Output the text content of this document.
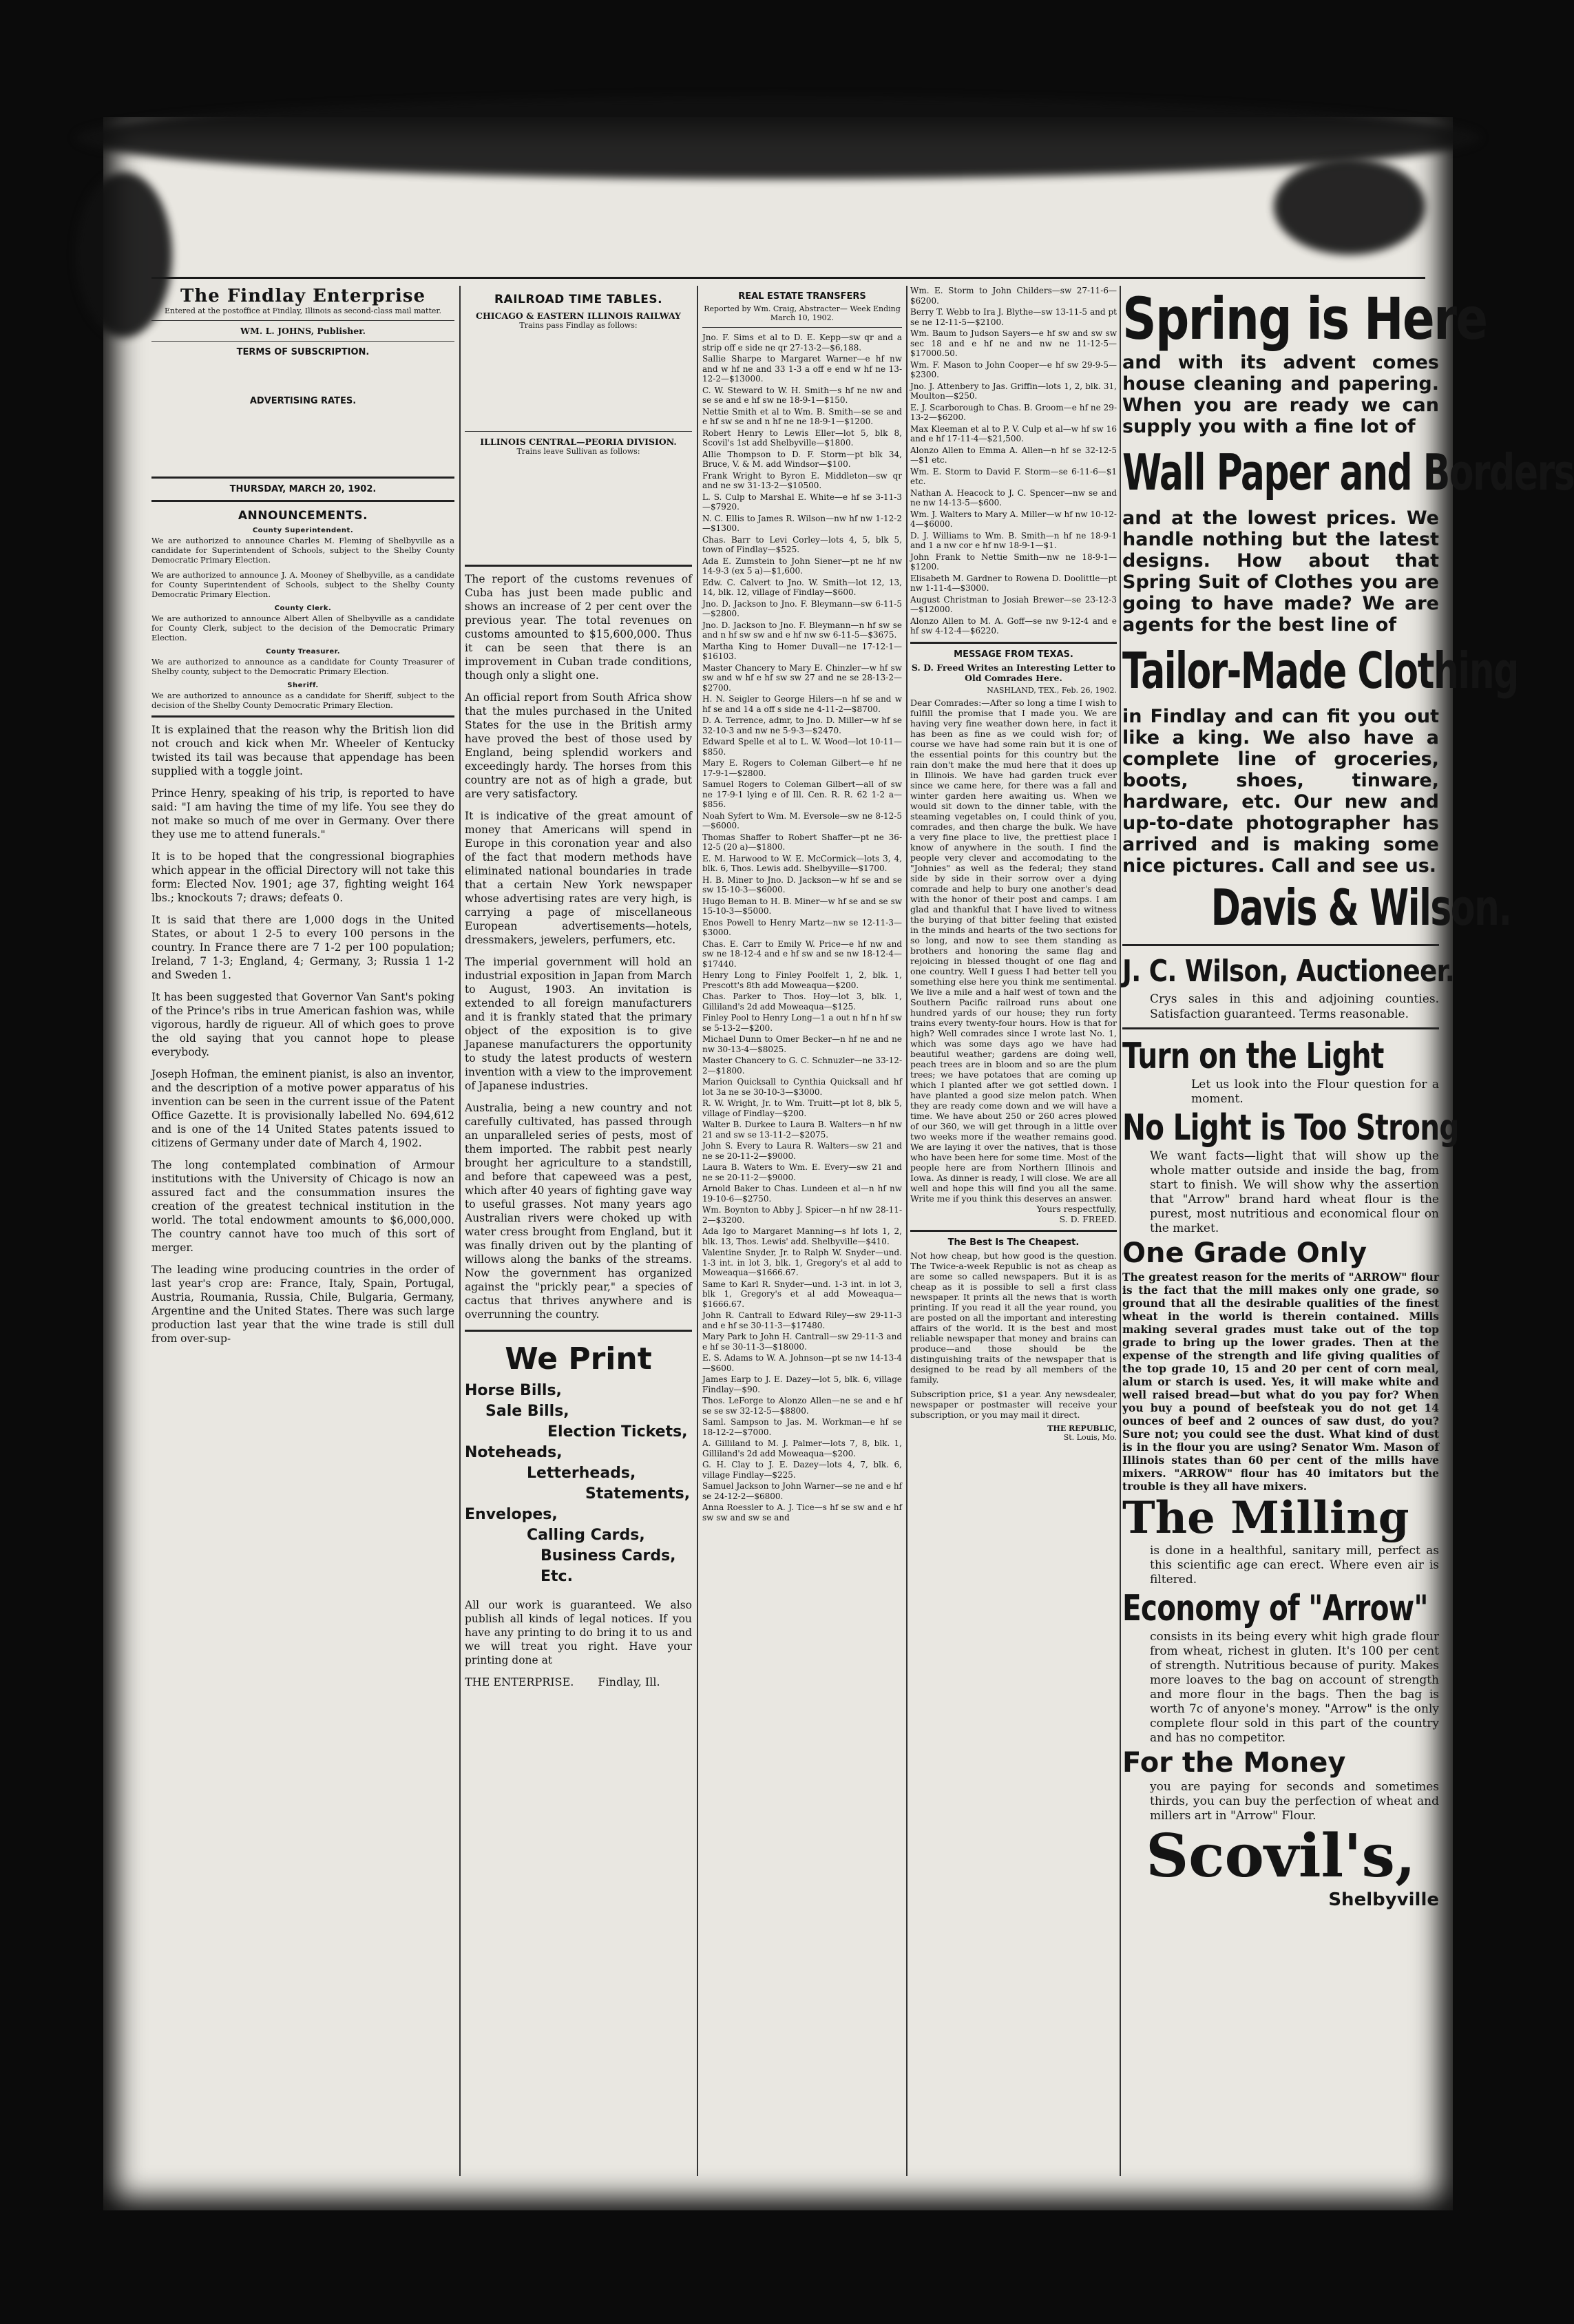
The Findlay Enterprise
Entered at the postoffice at Findlay, Illinois as second-class mail matter.
WM. L. JOHNS, Publisher.
TERMS OF SUBSCRIPTION.
ADVERTISING RATES.
THURSDAY, MARCH 20, 1902.
ANNOUNCEMENTS.
County Superintendent.
We are authorized to announce Charles M. Fleming of Shelbyville as a candidate for Superintendent of Schools, subject to the Shelby County Democratic Primary Election.
We are authorized to announce J. A. Mooney of Shelbyville, as a candidate for County Superintendent of Schools, subject to the Shelby County Democratic Primary Election.
County Clerk.
We are authorized to announce Albert Allen of Shelbyville as a candidate for County Clerk, subject to the decision of the Democratic Primary Election.
County Treasurer.
We are authorized to announce as a candidate for County Treasurer of Shelby county, subject to the Democratic Primary Election.
Sheriff.
We are authorized to announce as a candidate for Sheriff, subject to the decision of the Shelby County Democratic Primary Election.
It is explained that the reason why the British lion did not crouch and kick when Mr. Wheeler of Kentucky twisted its tail was because that appendage has been supplied with a toggle joint.
Prince Henry, speaking of his trip, is reported to have said: "I am having the time of my life. You see they do not make so much of me over in Germany. Over there they use me to attend funerals."
It is to be hoped that the congressional biographies which appear in the official Directory will not take this form: Elected Nov. 1901; age 37, fighting weight 164 lbs.; knockouts 7; draws; defeats 0.
It is said that there are 1,000 dogs in the United States, or about 1 2-5 to every 100 persons in the country. In France there are 7 1-2 per 100 population; Ireland, 7 1-3; England, 4; Germany, 3; Russia 1 1-2 and Sweden 1.
It has been suggested that Governor Van Sant's poking of the Prince's ribs in true American fashion was, while vigorous, hardly de rigueur. All of which goes to prove the old saying that you cannot hope to please everybody.
Joseph Hofman, the eminent pianist, is also an inventor, and the description of a motive power apparatus of his invention can be seen in the current issue of the Patent Office Gazette. It is provisionally labelled No. 694,612 and is one of the 14 United States patents issued to citizens of Germany under date of March 4, 1902.
The long contemplated combination of Armour institutions with the University of Chicago is now an assured fact and the consummation insures the creation of the greatest technical institution in the world. The total endowment amounts to $6,000,000. The country cannot have too much of this sort of merger.
The leading wine producing countries in the order of last year's crop are: France, Italy, Spain, Portugal, Austria, Roumania, Russia, Chile, Bulgaria, Germany, Argentine and the United States. There was such large production last year that the wine trade is still dull from over-sup-
RAILROAD TIME TABLES.
CHICAGO & EASTERN ILLINOIS RAILWAY
Trains pass Findlay as follows:
ILLINOIS CENTRAL—PEORIA DIVISION.
Trains leave Sullivan as follows:
The report of the customs revenues of Cuba has just been made public and shows an increase of 2 per cent over the previous year. The total revenues on customs amounted to $15,600,000. Thus it can be seen that there is an improvement in Cuban trade conditions, though only a slight one.
An official report from South Africa show that the mules purchased in the United States for the use in the British army have proved the best of those used by England, being splendid workers and exceedingly hardy. The horses from this country are not as of high a grade, but are very satisfactory.
It is indicative of the great amount of money that Americans will spend in Europe in this coronation year and also of the fact that modern methods have eliminated national boundaries in trade that a certain New York newspaper whose advertising rates are very high, is carrying a page of miscellaneous European advertisements—hotels, dressmakers, jewelers, perfumers, etc.
The imperial government will hold an industrial exposition in Japan from March to August, 1903. An invitation is extended to all foreign manufacturers and it is frankly stated that the primary object of the exposition is to give Japanese manufacturers the opportunity to study the latest products of western invention with a view to the improvement of Japanese industries.
Australia, being a new country and not carefully cultivated, has passed through an unparalleled series of pests, most of them imported. The rabbit pest nearly brought her agriculture to a standstill, and before that capeweed was a pest, which after 40 years of fighting gave way to useful grasses. Not many years ago Australian rivers were choked up with water cress brought from England, but it was finally driven out by the planting of willows along the banks of the streams. Now the government has organized against the "prickly pear," a species of cactus that thrives anywhere and is overrunning the country.
We Print
Horse Bills,
Sale Bills,
Election Tickets,
Noteheads,
Letterheads,
Statements,
Envelopes,
Calling Cards,
Business Cards, Etc.
All our work is guaranteed. We also publish all kinds of legal notices. If you have any printing to do bring it to us and we will treat you right. Have your printing done at
THE ENTERPRISE. Findlay, Ill.
REAL ESTATE TRANSFERS
Reported by Wm. Craig, Abstracter— Week Ending March 10, 1902.
Jno. F. Sims et al to D. E. Kepp—sw qr and a strip off e side ne qr 27-13-2—$6,188.
Sallie Sharpe to Margaret Warner—e hf nw and w hf ne and 33 1-3 a off e end w hf ne 13-12-2—$13000.
C. W. Steward to W. H. Smith—s hf ne nw and se se and e hf sw ne 18-9-1—$150.
Nettie Smith et al to Wm. B. Smith—se se and e hf sw se and n hf ne ne 18-9-1—$1200.
Robert Henry to Lewis Eller—lot 5, blk 8, Scovil's 1st add Shelbyville—$1800.
Allie Thompson to D. F. Storm—pt blk 34, Bruce, V. & M. add Windsor—$100.
Frank Wright to Byron E. Middleton—sw qr and ne sw 31-13-2—$10500.
L. S. Culp to Marshal E. White—e hf se 3-11-3—$7920.
N. C. Ellis to James R. Wilson—nw hf nw 1-12-2—$1300.
Chas. Barr to Levi Corley—lots 4, 5, blk 5, town of Findlay—$525.
Ada E. Zumstein to John Siener—pt ne hf nw 14-9-3 (ex 5 a)—$1,600.
Edw. C. Calvert to Jno. W. Smith—lot 12, 13, 14, blk. 12, village of Findlay—$600.
Jno. D. Jackson to Jno. F. Bleymann—sw 6-11-5—$2800.
Jno. D. Jackson to Jno. F. Bleymann—n hf sw se and n hf sw sw and e hf nw sw 6-11-5—$3675.
Martha King to Homer Duvall—ne 17-12-1—$16103.
Master Chancery to Mary E. Chinzler—w hf sw sw and w hf e hf sw sw 27 and ne se 28-13-2—$2700.
H. N. Seigler to George Hilers—n hf se and w hf se and 14 a off s side ne 4-11-2—$8700.
D. A. Terrence, admr, to Jno. D. Miller—w hf se 32-10-3 and nw ne 5-9-3—$2470.
Edward Spelle et al to L. W. Wood—lot 10-11—$850.
Mary E. Rogers to Coleman Gilbert—e hf ne 17-9-1—$2800.
Samuel Rogers to Coleman Gilbert—all of sw ne 17-9-1 lying e of Ill. Cen. R. R. 62 1-2 a—$856.
Noah Syfert to Wm. M. Eversole—sw ne 8-12-5—$6000.
Thomas Shaffer to Robert Shaffer—pt ne 36-12-5 (20 a)—$1800.
E. M. Harwood to W. E. McCormick—lots 3, 4, blk. 6, Thos. Lewis add. Shelbyville—$1700.
H. B. Miner to Jno. D. Jackson—w hf se and se sw 15-10-3—$6000.
Hugo Beman to H. B. Miner—w hf se and se sw 15-10-3—$5000.
Enos Powell to Henry Martz—nw se 12-11-3—$3000.
Chas. E. Carr to Emily W. Price—e hf nw and sw ne 18-12-4 and e hf sw and se nw 18-12-4—$17440.
Henry Long to Finley Poolfelt 1, 2, blk. 1, Prescott's 8th add Moweaqua—$200.
Chas. Parker to Thos. Hoy—lot 3, blk. 1, Gilliland's 2d add Moweaqua—$125.
Finley Pool to Henry Long—1 a out n hf n hf sw se 5-13-2—$200.
Michael Dunn to Omer Becker—n hf ne and ne nw 30-13-4—$8025.
Master Chancery to G. C. Schnuzler—ne 33-12-2—$1800.
Marion Quicksall to Cynthia Quicksall and hf lot 3a ne se 30-10-3—$3000.
R. W. Wright, Jr. to Wm. Truitt—pt lot 8, blk 5, village of Findlay—$200.
Walter B. Durkee to Laura B. Walters—n hf nw 21 and sw se 13-11-2—$2075.
John S. Every to Laura R. Walters—sw 21 and ne se 20-11-2—$9000.
Laura B. Waters to Wm. E. Every—sw 21 and ne se 20-11-2—$9000.
Arnold Baker to Chas. Lundeen et al—n hf nw 19-10-6—$2750.
Wm. Boynton to Abby J. Spicer—n hf nw 28-11-2—$3200.
Ada Igo to Margaret Manning—s hf lots 1, 2, blk. 13, Thos. Lewis' add. Shelbyville—$410.
Valentine Snyder, Jr. to Ralph W. Snyder—und. 1-3 int. in lot 3, blk. 1, Gregory's et al add to Moweaqua—$1666.67.
Same to Karl R. Snyder—und. 1-3 int. in lot 3, blk 1, Gregory's et al add Moweaqua—$1666.67.
John R. Cantrall to Edward Riley—sw 29-11-3 and e hf se 30-11-3—$17480.
Mary Park to John H. Cantrall—sw 29-11-3 and e hf se 30-11-3—$18000.
E. S. Adams to W. A. Johnson—pt se nw 14-13-4—$600.
James Earp to J. E. Dazey—lot 5, blk. 6, village Findlay—$90.
Thos. LeForge to Alonzo Allen—ne se and e hf se se sw 32-12-5—$8800.
Saml. Sampson to Jas. M. Workman—e hf se 18-12-2—$7000.
A. Gilliland to M. J. Palmer—lots 7, 8, blk. 1, Gilliland's 2d add Moweaqua—$200.
G. H. Clay to J. E. Dazey—lots 4, 7, blk. 6, village Findlay—$225.
Samuel Jackson to John Warner—se ne and e hf se 24-12-2—$6800.
Anna Roessler to A. J. Tice—s hf se sw and e hf sw sw and sw se and
Wm. E. Storm to John Childers—sw 27-11-6—$6200.
Berry T. Webb to Ira J. Blythe—sw 13-11-5 and pt se ne 12-11-5—$2100.
Wm. Baum to Judson Sayers—e hf sw and sw sw sec 18 and e hf ne and nw ne 11-12-5—$17000.50.
Wm. F. Mason to John Cooper—e hf sw 29-9-5—$2300.
Jno. J. Attenbery to Jas. Griffin—lots 1, 2, blk. 31, Moulton—$250.
E. J. Scarborough to Chas. B. Groom—e hf ne 29-13-2—$6200.
Max Kleeman et al to P. V. Culp et al—w hf sw 16 and e hf 17-11-4—$21,500.
Alonzo Allen to Emma A. Allen—n hf se 32-12-5—$1 etc.
Wm. E. Storm to David F. Storm—se 6-11-6—$1 etc.
Nathan A. Heacock to J. C. Spencer—nw se and ne nw 14-13-5—$600.
Wm. J. Walters to Mary A. Miller—w hf nw 10-12-4—$6000.
D. J. Williams to Wm. B. Smith—n hf ne 18-9-1 and 1 a nw cor e hf nw 18-9-1—$1.
John Frank to Nettie Smith—nw ne 18-9-1—$1200.
Elisabeth M. Gardner to Rowena D. Doolittle—pt nw 1-11-4—$3000.
August Christman to Josiah Brewer—se 23-12-3—$12000.
Alonzo Allen to M. A. Goff—se nw 9-12-4 and e hf sw 4-12-4—$6220.
MESSAGE FROM TEXAS.
S. D. Freed Writes an Interesting Letter to Old Comrades Here.
NASHLAND, TEX., Feb. 26, 1902.
Dear Comrades:—After so long a time I wish to fulfill the promise that I made you. We are having very fine weather down here, in fact it has been as fine as we could wish for; of course we have had some rain but it is one of the essential points for this country but the rain don't make the mud here that it does up in Illinois. We have had garden truck ever since we came here, for there was a fall and winter garden here awaiting us. When we would sit down to the dinner table, with the steaming vegetables on, I could think of you, comrades, and then charge the bulk. We have a very fine place to live, the prettiest place I know of anywhere in the south. I find the people very clever and accomodating to the "Johnies" as well as the federal; they stand side by side in their sorrow over a dying comrade and help to bury one another's dead with the honor of their post and camps. I am glad and thankful that I have lived to witness the burying of that bitter feeling that existed in the minds and hearts of the two sections for so long, and now to see them standing as brothers and honoring the same flag and rejoicing in blessed thought of one flag and one country. Well I guess I had better tell you something else here you think me sentimental. We live a mile and a half west of town and the Southern Pacific railroad runs about one hundred yards of our house; they run forty trains every twenty-four hours. How is that for high? Well comrades since I wrote last No. 1, which was some days ago we have had beautiful weather; gardens are doing well, peach trees are in bloom and so are the plum trees; we have potatoes that are coming up which I planted after we got settled down. I have planted a good size melon patch. When they are ready come down and we will have a time. We have about 250 or 260 acres plowed of our 360, we will get through in a little over two weeks more if the weather remains good. We are laying it over the natives, that is those who have been here for some time. Most of the people here are from Northern Illinois and Iowa. As dinner is ready, I will close. We are all well and hope this will find you all the same. Write me if you think this deserves an answer.
Yours respectfully,
S. D. FREED.
The Best Is The Cheapest.
Not how cheap, but how good is the question. The Twice-a-week Republic is not as cheap as are some so called newspapers. But it is as cheap as it is possible to sell a first class newspaper. It prints all the news that is worth printing. If you read it all the year round, you are posted on all the important and interesting affairs of the world. It is the best and most reliable newspaper that money and brains can produce—and those should be the distinguishing traits of the newspaper that is designed to be read by all members of the family.
Subscription price, $1 a year. Any newsdealer, newspaper or postmaster will receive your subscription, or you may mail it direct.
THE REPUBLIC,
St. Louis, Mo.
Spring is Here
and with its advent comes house cleaning and papering. When you are ready we can supply you with a fine lot of
Wall Paper and Borders
and at the lowest prices. We handle nothing but the latest designs. How about that Spring Suit of Clothes you are going to have made? We are agents for the best line of
Tailor-Made Clothing
in Findlay and can fit you out like a king. We also have a complete line of groceries, boots, shoes, tinware, hardware, etc. Our new and up-to-date photographer has arrived and is making some nice pictures. Call and see us.
Davis & Wilson.
J. C. Wilson, Auctioneer.
Crys sales in this and adjoining counties. Satisfaction guaranteed. Terms reasonable.
Turn on the Light
Let us look into the Flour question for a moment.
No Light is Too Strong
We want facts—light that will show up the whole matter outside and inside the bag, from start to finish. We will show why the assertion that "Arrow" brand hard wheat flour is the purest, most nutritious and economical flour on the market.
One Grade Only
The greatest reason for the merits of "ARROW" flour is the fact that the mill makes only one grade, so ground that all the desirable qualities of the finest wheat in the world is therein contained. Mills making several grades must take out of the top grade to bring up the lower grades. Then at the expense of the strength and life giving qualities of the top grade 10, 15 and 20 per cent of corn meal, alum or starch is used. Yes, it will make white and well raised bread—but what do you pay for? When you buy a pound of beefsteak you do not get 14 ounces of beef and 2 ounces of saw dust, do you? Sure not; you could see the dust. What kind of dust is in the flour you are using? Senator Wm. Mason of Illinois states than 60 per cent of the mills have mixers. "ARROW" flour has 40 imitators but the trouble is they all have mixers.
The Milling
is done in a healthful, sanitary mill, perfect as this scientific age can erect. Where even air is filtered.
Economy of "Arrow"
consists in its being every whit high grade flour from wheat, richest in gluten. It's 100 per cent of strength. Nutritious because of purity. Makes more loaves to the bag on account of strength and more flour in the bags. Then the bag is worth 7c of anyone's money. "Arrow" is the only complete flour sold in this part of the country and has no competitor.
For the Money
you are paying for seconds and sometimes thirds, you can buy the perfection of wheat and millers art in "Arrow" Flour.
Scovil's,
Shelbyville
